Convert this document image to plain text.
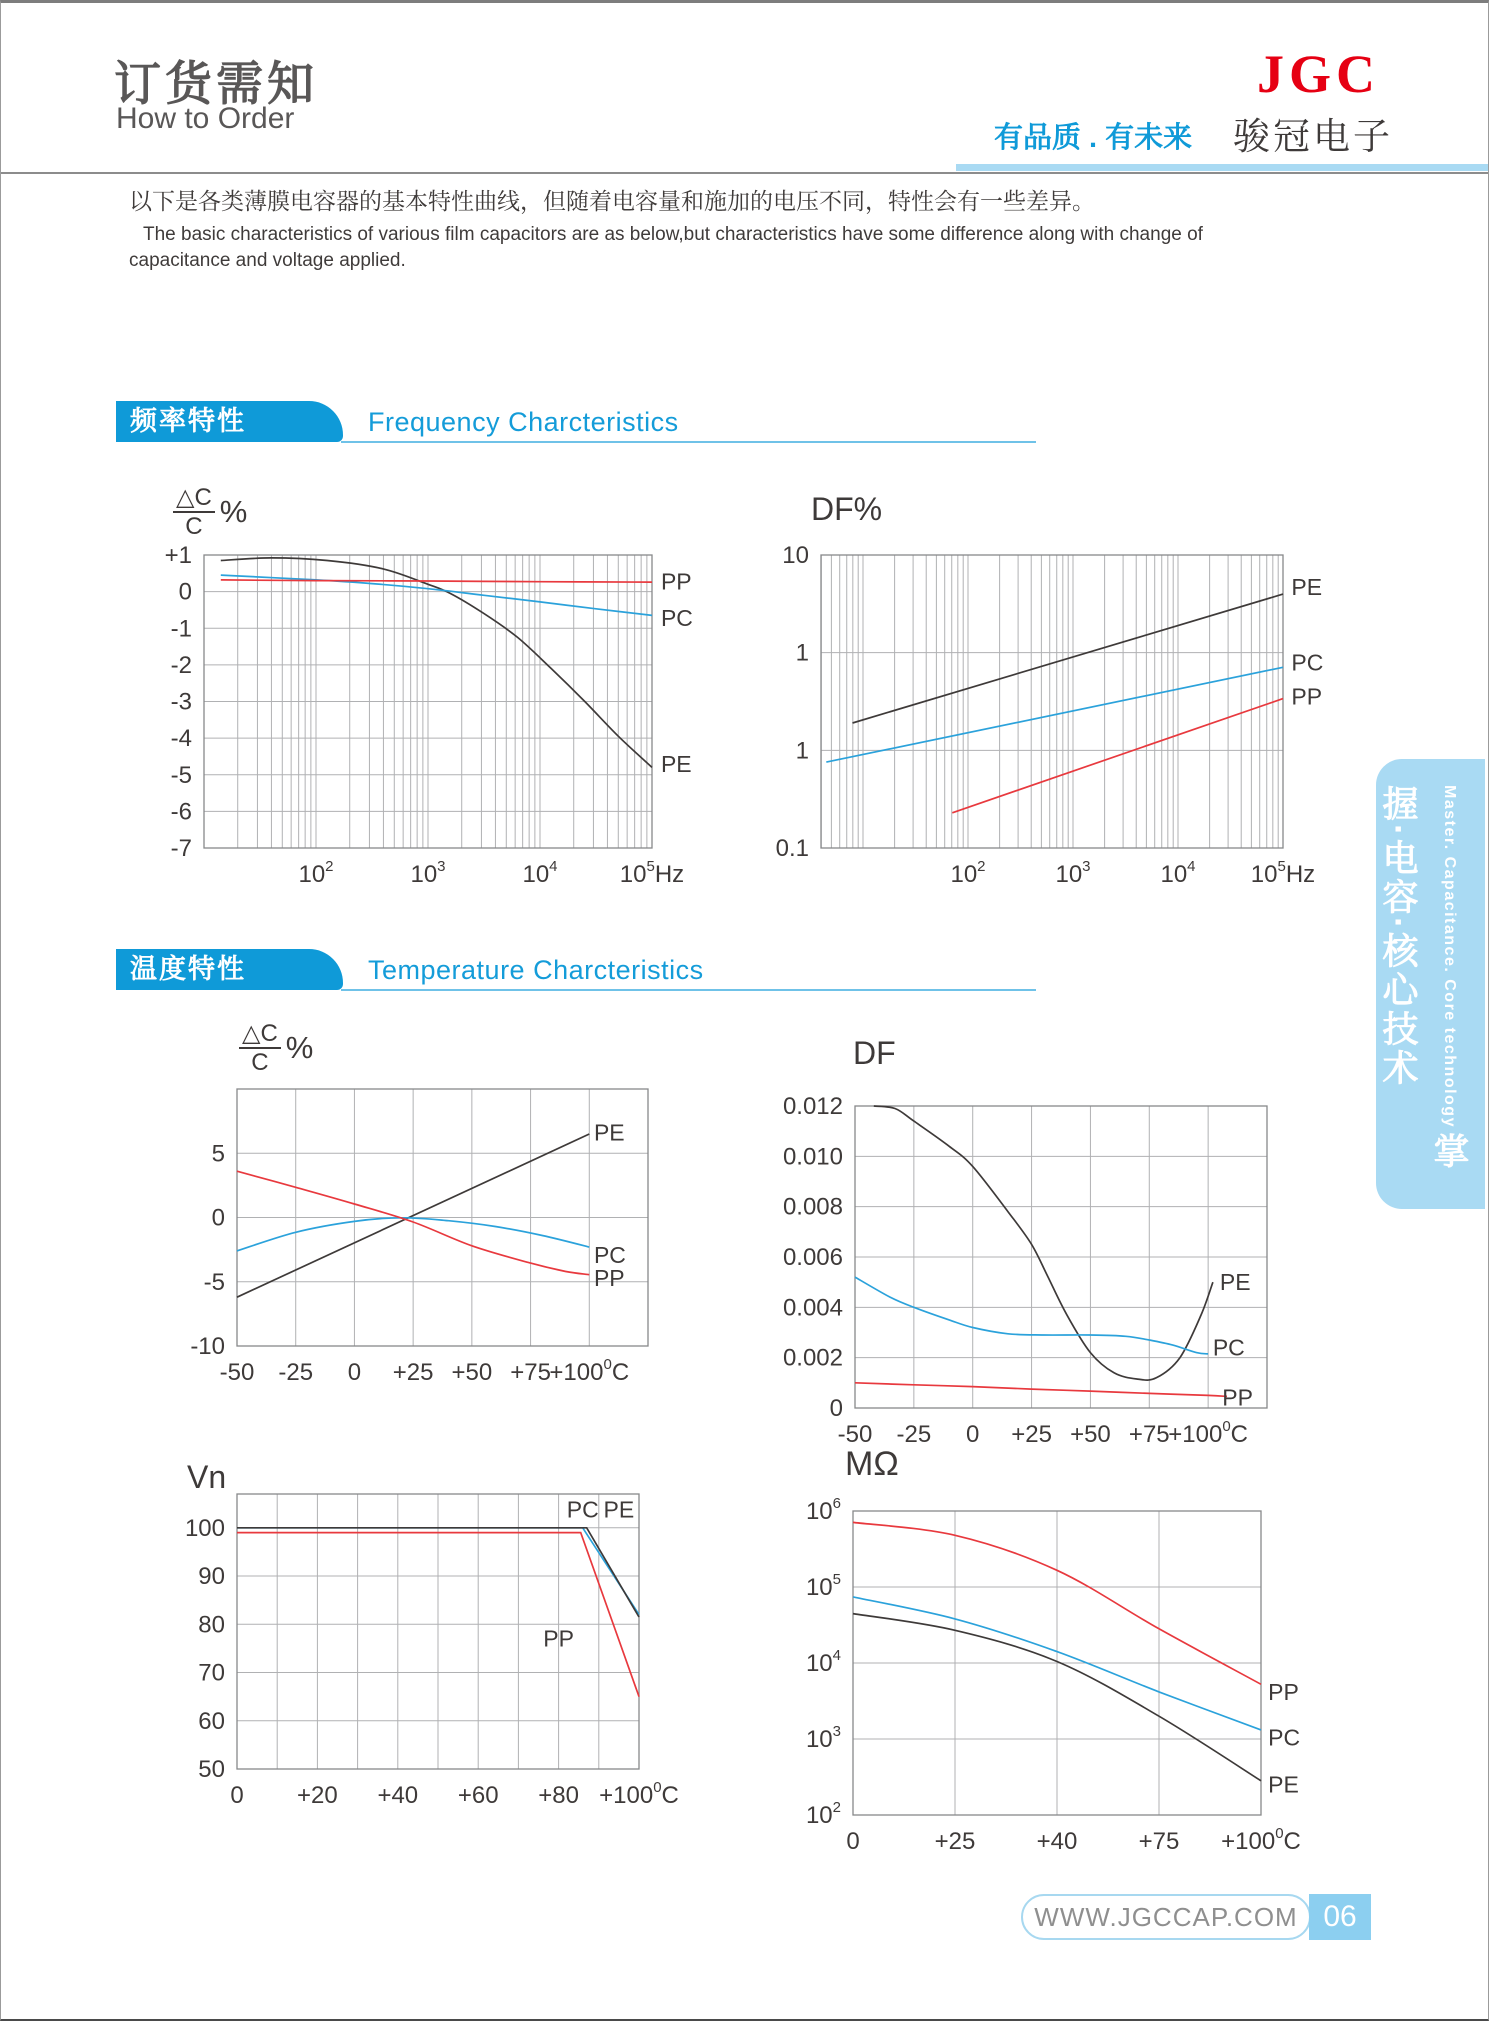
订货需知
How to Order
有品质 . 有未来
JGC
骏冠电子
以下是各类薄膜电容器的基本特性曲线，但随着电容量和施加的电压不同，特性会有一些差异。
The basic characteristics of various film capacitors are as below,but characteristics have some difference along with change of
capacitance and voltage applied.
频率特性	Frequency Charcteristics
$\frac{\triangle C}{C}$ %
$10^2$	$10^3$	$10^4$	$10^5Hz$
+1
0
-1
-2
-3
-4
-5
-6
-7
PE
PC
PP
DF%
$10^2$	$10^3$	$10^4$ $10^5Hz$
10
1
1
0.1
PE
PC
PP
温度特性	Temperature Charcteristics
$\frac{\triangle C}{C}$ %
-50 -25 0 +25 +50 +75
$+100^0C$
5
0
-5
-10
PE
PC
PP
DF
-50 -25 0 +25 +50 +75
$+100^0C$
0.012
0.010
0.008
0.006
0.004
0.002
0
PE
PC
PP
Vn
$0 +20 +40 +60 +80 +100^0C$
100
90
80
70
60
50
PC PE
PP
MΩ
0	+25	+40	$+75 +100^0C$
$10^6$
$10^5$
$10^4$
$10^3$
$10^2$
PP
PC
PE
Master. Capacitance. Core technology 掌握·电容·核心技术
WWW.JGCCAP.COM 06
